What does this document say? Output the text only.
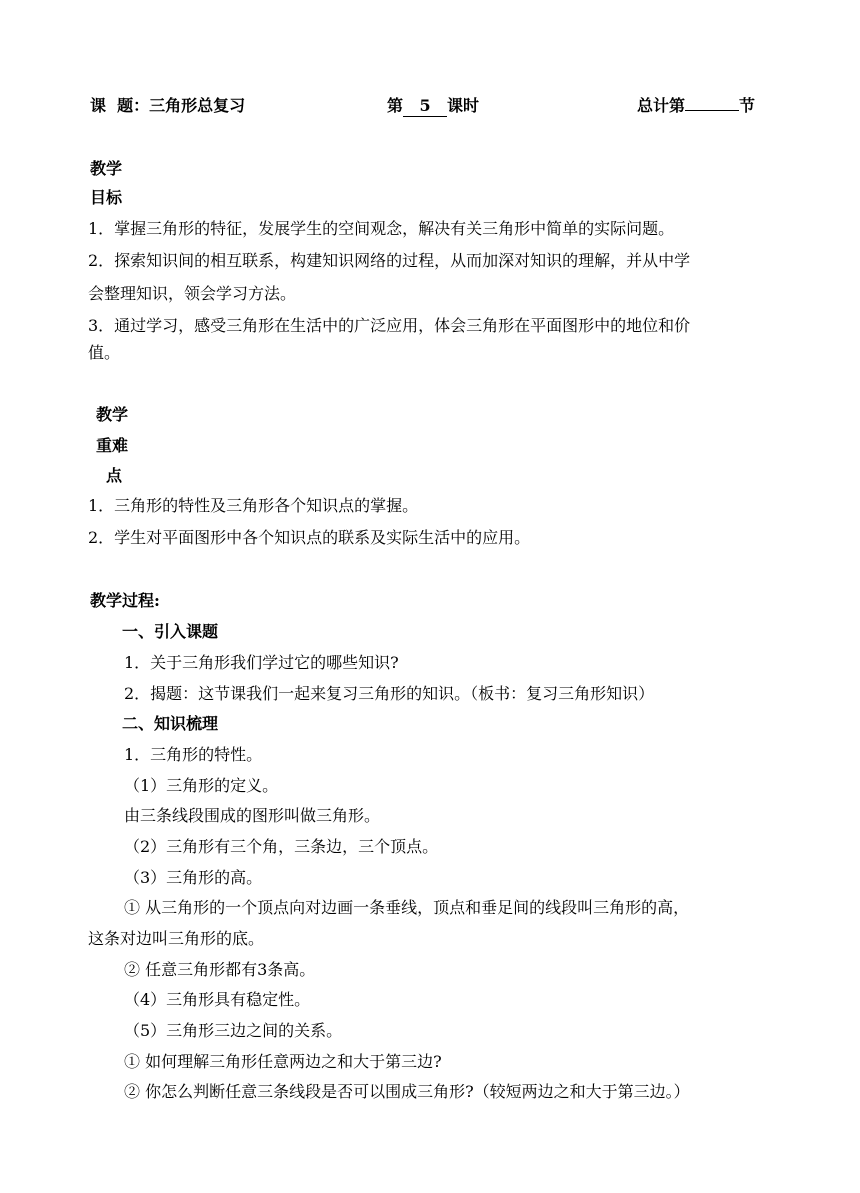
课  题：三角形总复习	第 5 课时	总计第	节
教学
目标
1．掌握三角形的特征，发展学生的空间观念，解决有关三角形中简单的实际问题。
2．探索知识间的相互联系，构建知识网络的过程，从而加深对知识的理解，并从中学
会整理知识，领会学习方法。
3．通过学习，感受三角形在生活中的广泛应用，体会三角形在平面图形中的地位和价
值。
教学
重难
点
1．三角形的特性及三角形各个知识点的掌握。
2．学生对平面图形中各个知识点的联系及实际生活中的应用。
教学过程:
一、引入课题
1．关于三角形我们学过它的哪些知识?
2．揭题：这节课我们一起来复习三角形的知识。（板书：复习三角形知识）
二、知识梳理
1．三角形的特性。
（1）三角形的定义。
由三条线段围成的图形叫做三角形。
（2）三角形有三个角，三条边，三个顶点。
（3）三角形的高。
① 从三角形的一个顶点向对边画一条垂线，顶点和垂足间的线段叫三角形的高，
这条对边叫三角形的底。
② 任意三角形都有3条高。
（4）三角形具有稳定性。
（5）三角形三边之间的关系。
① 如何理解三角形任意两边之和大于第三边?
② 你怎么判断任意三条线段是否可以围成三角形?（较短两边之和大于第三边。）
